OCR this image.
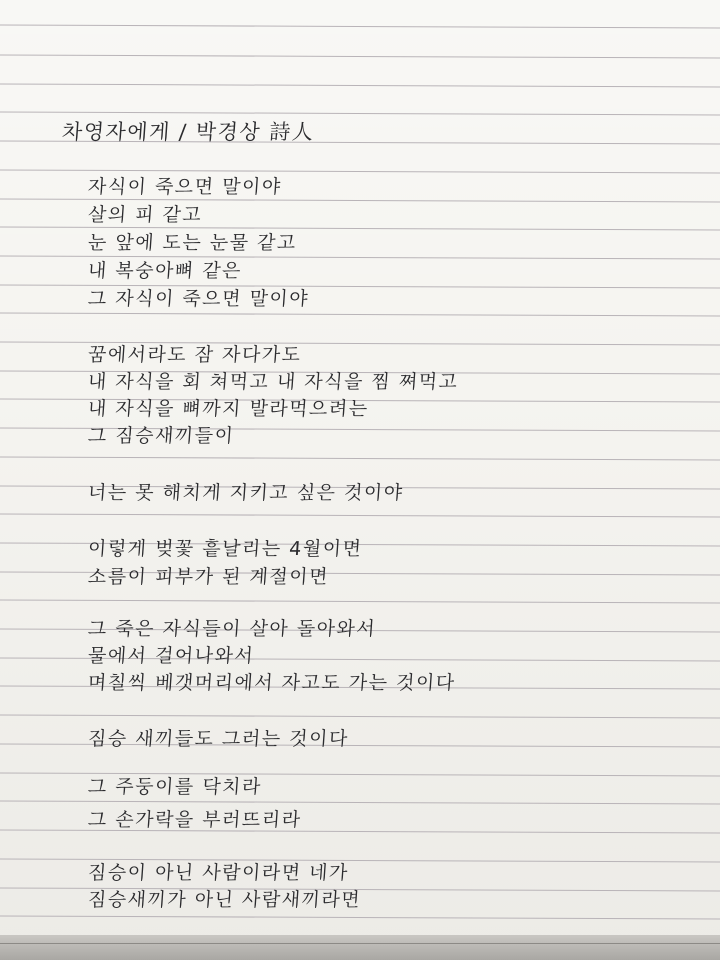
차영자에게 / 박경상 詩人

자식이 죽으면 말이야

살의 피 같고

눈 앞에 도는 눈물 같고

내 복숭아뼈 같은

그 자식이 죽으면 말이야

꿈에서라도 잠 자다가도

내 자식을 회 쳐먹고 내 자식을 찜 쪄먹고

내 자식을 뼈까지 발라먹으려는

그 짐승새끼들이

너는 못 해치게 지키고 싶은 것이야

이렇게 벚꽃 흩날리는 4월이면

소름이 피부가 된 계절이면

그 죽은 자식들이 살아 돌아와서

물에서 걸어나와서

며칠씩 베갯머리에서 자고도 가는 것이다

짐승 새끼들도 그러는 것이다

그 주둥이를 닥치라

그 손가락을 부러뜨리라

짐승이 아닌 사람이라면 네가

짐승새끼가 아닌 사람새끼라면
